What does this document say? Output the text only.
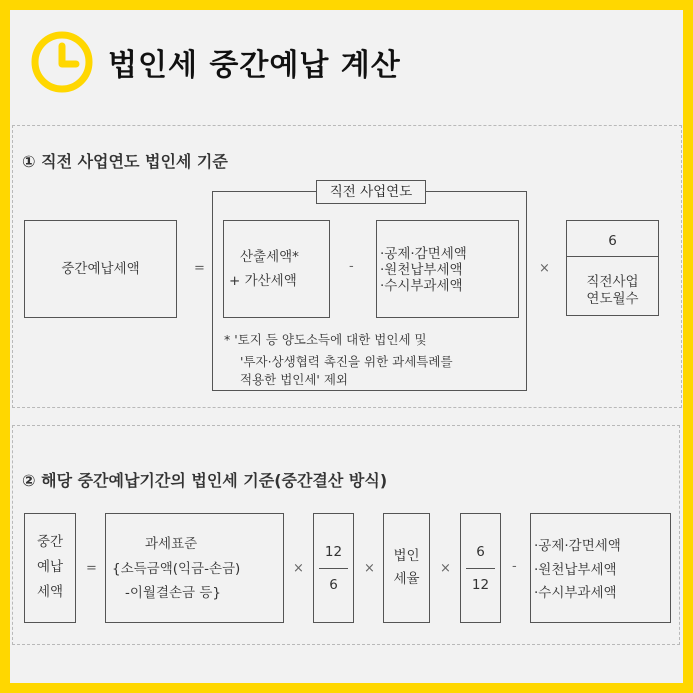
법인세 중간예납 계산
① 직전 사업연도 법인세 기준
직전 사업연도
중간예납세액	=
산출세액*
+ 가산세액
-
·공제·감면세액
·원천납부세액
·수시부과세액
×
6
직전사업
연도월수
* '토지 등 양도소득에 대한 법인세 및
'투자·상생협력 촉진을 위한 과세특례를
적용한 법인세' 제외
② 해당 중간예납기간의 법인세 기준(중간결산 방식)
중간
예납
세액
=
과세표준
{소득금액(익금-손금)
-이월결손금 등}
×
12
6
×
법인
세율
×
6
12
-
·공제·감면세액
·원천납부세액
·수시부과세액
